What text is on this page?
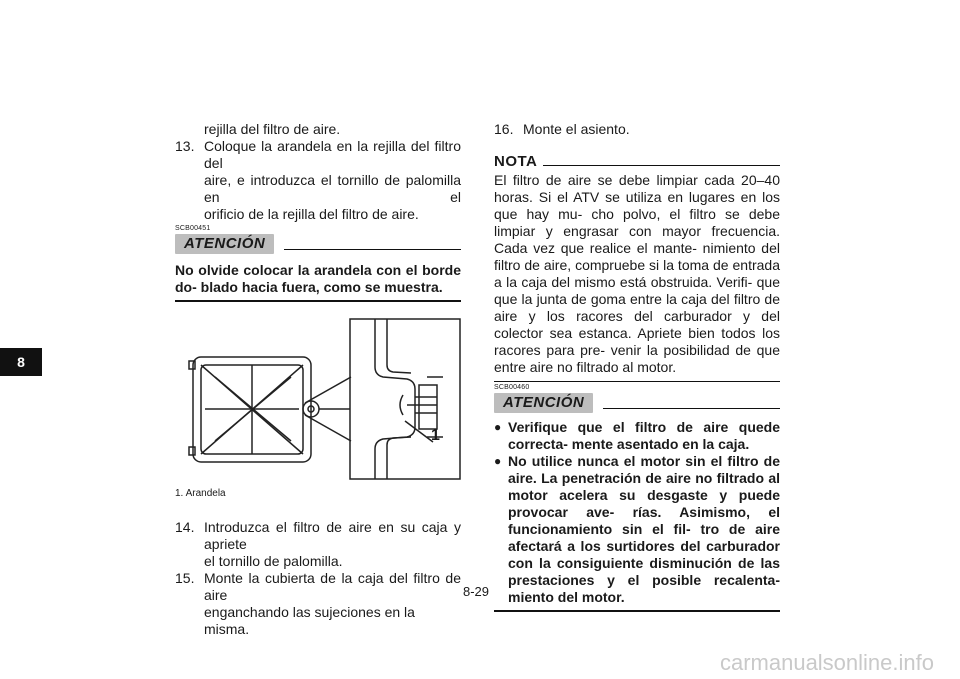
8

rejilla del filtro de aire.

13. Coloque la arandela en la rejilla del filtro del

aire, e introduzca el tornillo de palomilla en el

orificio de la rejilla del filtro de aire.

SCB00451
ATENCIÓN

No olvide colocar la arandela con el borde do- blado hacia fuera, como se muestra.

1

1. Arandela

14. Introduzca el filtro de aire en su caja y apriete

el tornillo de palomilla.

15. Monte la cubierta de la caja del filtro de aire

enganchando las sujeciones en la misma.

16. Monte el asiento.

NOTA

El filtro de aire se debe limpiar cada 20–40 horas. Si el ATV se utiliza en lugares en los que hay mu- cho polvo, el filtro se debe limpiar y engrasar con mayor frecuencia. Cada vez que realice el mante- nimiento del filtro de aire, compruebe si la toma de entrada a la caja del mismo está obstruida. Verifi- que que la junta de goma entre la caja del filtro de aire y los racores del carburador y del colector sea estanca. Apriete bien todos los racores para pre- venir la posibilidad de que entre aire no filtrado al motor.

SCB00460
ATENCIÓN
● Verifique que el filtro de aire quede correcta- mente asentado en la caja.

● No utilice nunca el motor sin el filtro de aire. La penetración de aire no filtrado al motor acelera su desgaste y puede provocar ave- rías. Asimismo, el funcionamiento sin el fil- tro de aire afectará a los surtidores del carburador con la consiguiente disminución de las prestaciones y el posible recalenta- miento del motor.

8-29
carmanualsonline.info
